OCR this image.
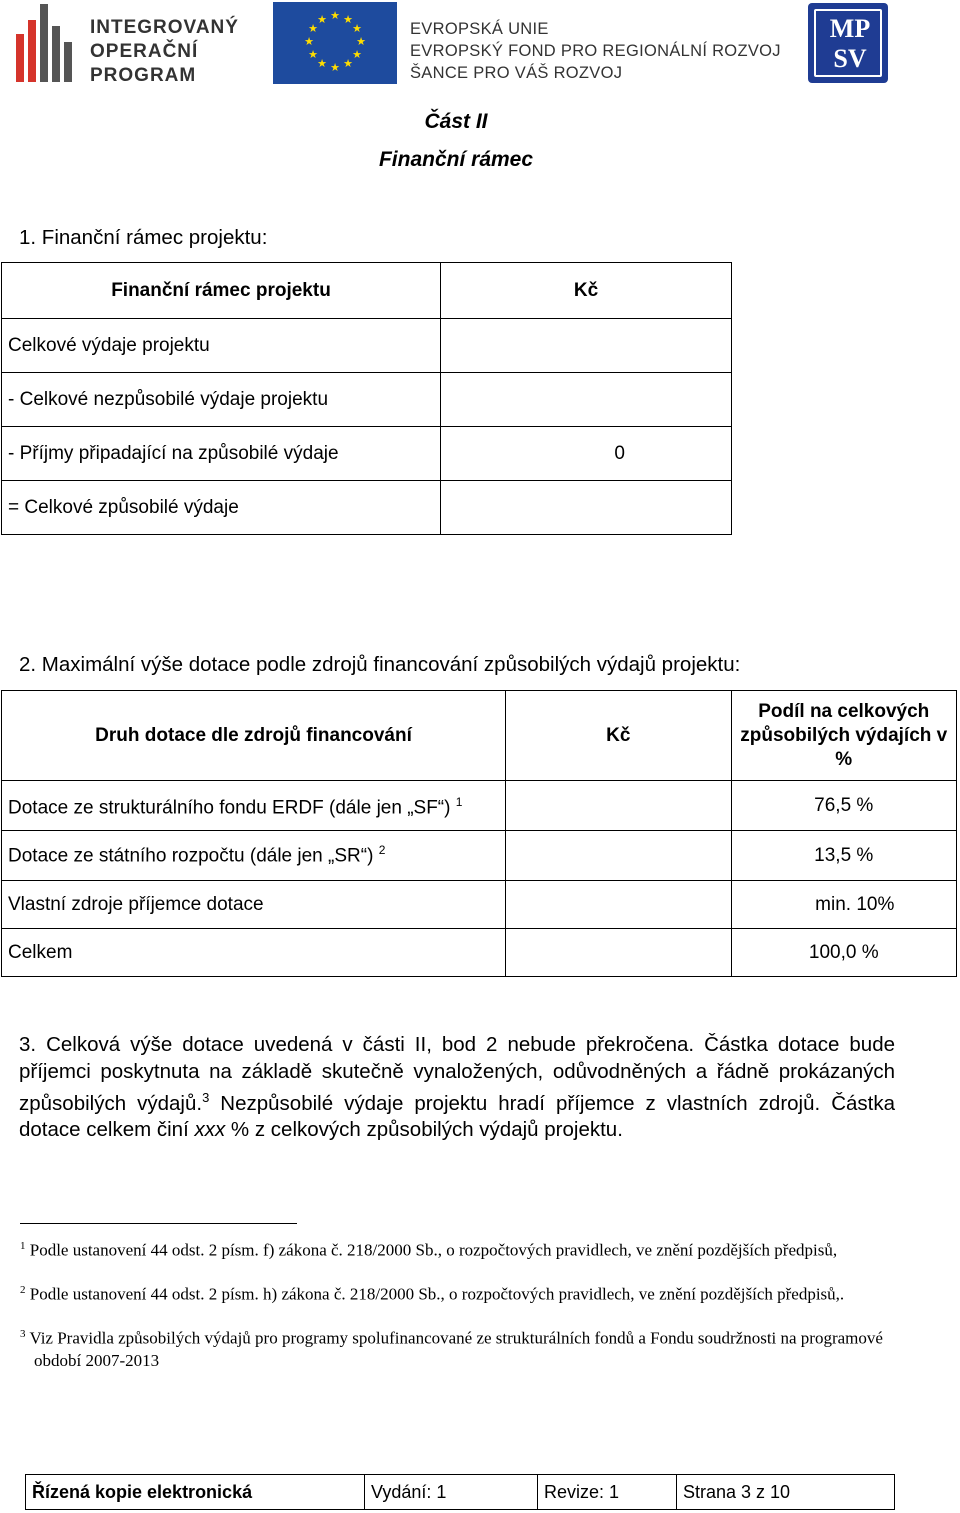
INTEGROVANÝ
OPERAČNÍ
PROGRAM
★ ★
★
★
★
★
★
★
★
★
★
★
EVROPSKÁ UNIE
EVROPSKÝ FOND PRO REGIONÁLNÍ ROZVOJ
ŠANCE PRO VÁŠ ROZVOJ
MP
SV
Část II
Finanční rámec
1. Finanční rámec projektu:
Finanční rámec projektu	Kč
Celkové výdaje projektu	
- Celkové nezpůsobilé výdaje projektu	
- Příjmy připadající na způsobilé výdaje	0
= Celkové způsobilé výdaje	
2. Maximální výše dotace podle zdrojů financování způsobilých výdajů projektu:
Druh dotace dle zdrojů financování	Kč	Podíl na celkových způsobilých výdajích v %
Dotace ze strukturálního fondu ERDF (dále jen „SF“) $^1$		76,5 %
Dotace ze státního rozpočtu (dále jen „SR“) $^2$		13,5 %
Vlastní zdroje příjemce dotace		min. 10%
Celkem		100,0 %
3. Celková výše dotace uvedená v části II, bod 2 nebude překročena. Částka dotace bude příjemci poskytnuta na základě skutečně vynaložených, odůvodněných a řádně prokázaných způsobilých výdajů.$^3$ Nezpůsobilé výdaje projektu hradí příjemce z vlastních zdrojů. Částka dotace celkem činí xxx % z celkových způsobilých výdajů projektu.
$^1$ Podle ustanovení 44 odst. 2 písm. f) zákona č. 218/2000 Sb., o rozpočtových pravidlech, ve znění pozdějších předpisů,
$^2$ Podle ustanovení 44 odst. 2 písm. h) zákona č. 218/2000 Sb., o rozpočtových pravidlech, ve znění pozdějších předpisů,.
$^3$ Viz Pravidla způsobilých výdajů pro programy spolufinancované ze strukturálních fondů a Fondu soudržnosti na programové období 2007-2013
Řízená kopie elektronická	Vydání: 1	Revize: 1	Strana 3 z 10
